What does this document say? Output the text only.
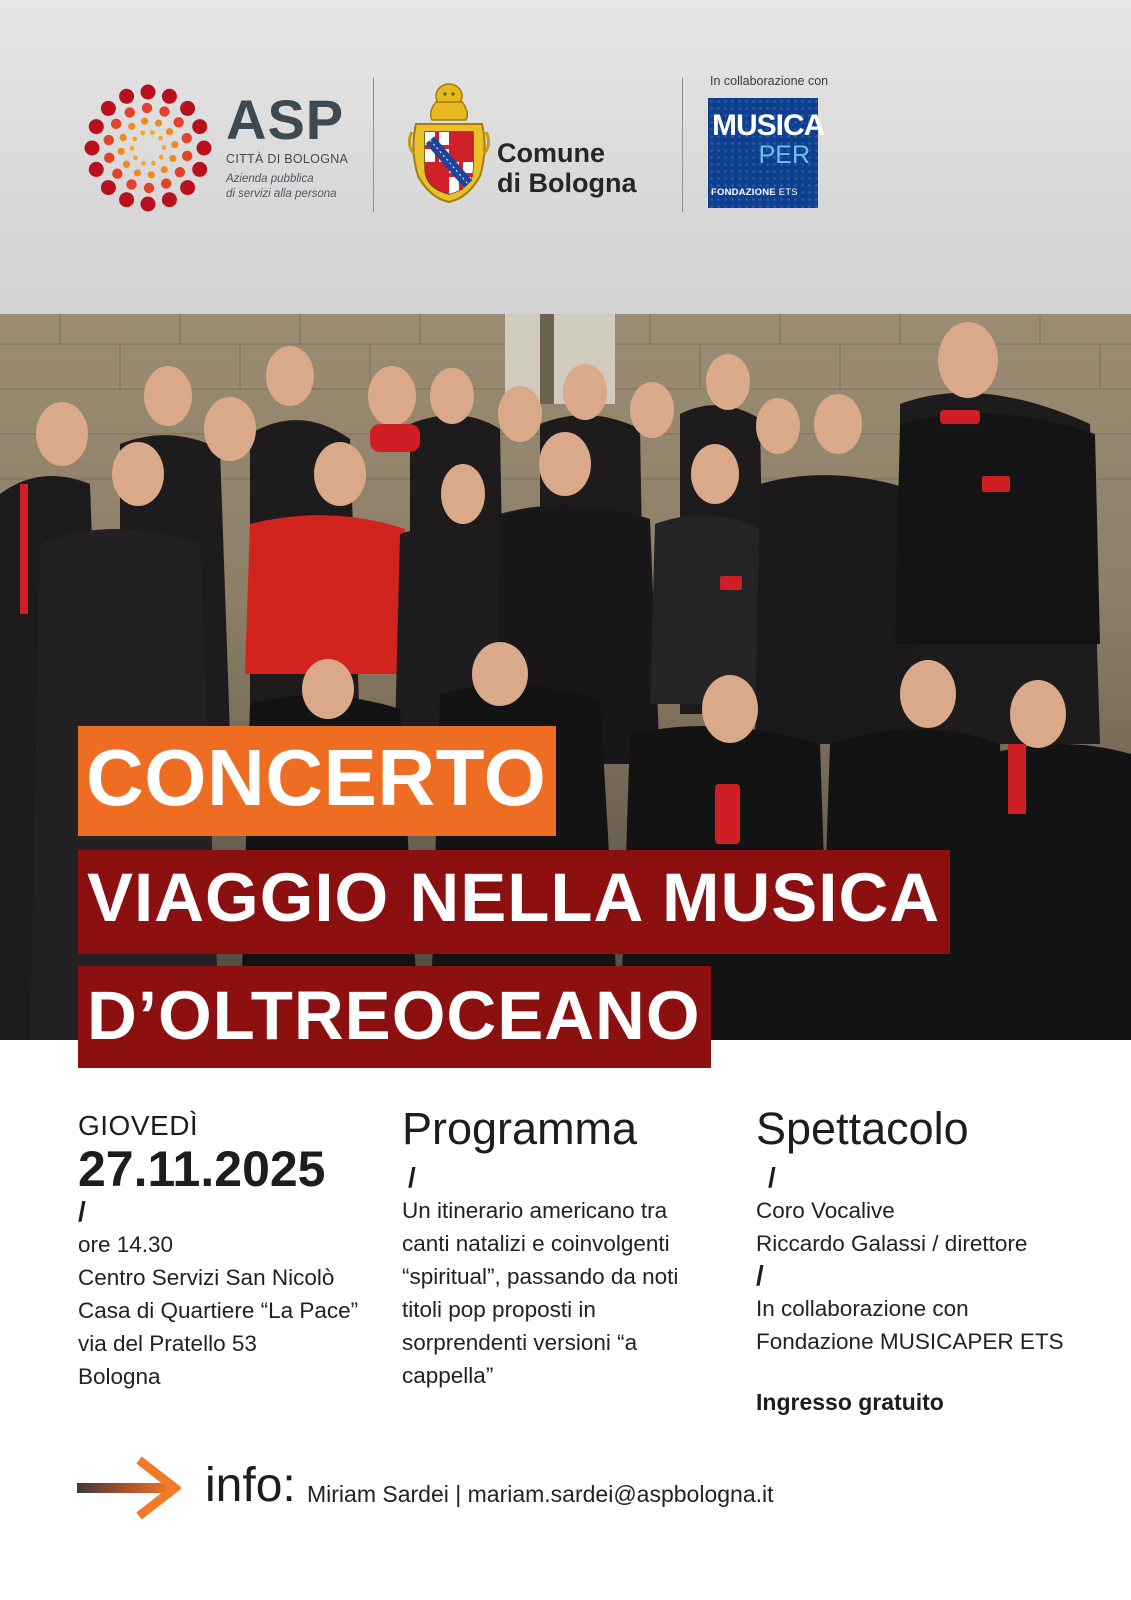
ASP
CITTÀ DI BOLOGNA
Azienda pubblica
di servizi alla persona
Comune
di Bologna
In collaborazione con
MUSICA
PER
FONDAZIONE ETS
CONCERTO
VIAGGIO NELLA MUSICA
D’OLTREOCEANO
GIOVEDÌ
27.11.2025
/
ore 14.30
Centro Servizi San Nicolò
Casa di Quartiere “La Pace”
via del Pratello 53
Bologna
Programma
/
Un itinerario americano tra
canti natalizi e coinvolgenti
“spiritual”, passando da noti
titoli pop proposti in
sorprendenti versioni “a
cappella”
Spettacolo
/
Coro Vocalive
Riccardo Galassi / direttore
/
In collaborazione con
Fondazione MUSICAPER ETS
Ingresso gratuito
info: Miriam Sardei | mariam.sardei@aspbologna.it
